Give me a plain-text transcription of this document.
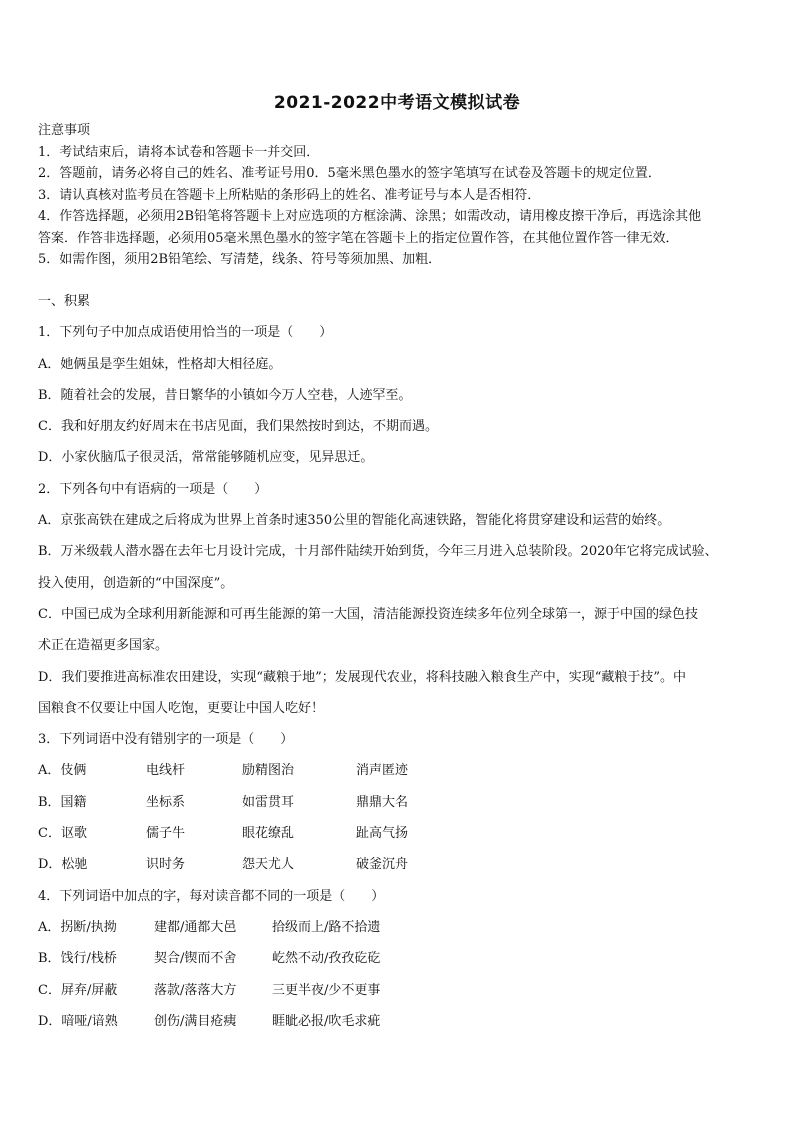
2021-2022中考语文模拟试卷
注意事项
1．考试结束后，请将本试卷和答题卡一并交回．
2．答题前，请务必将自己的姓名、准考证号用0．5毫米黑色墨水的签字笔填写在试卷及答题卡的规定位置．
3．请认真核对监考员在答题卡上所粘贴的条形码上的姓名、准考证号与本人是否相符．
4．作答选择题，必须用2B铅笔将答题卡上对应选项的方框涂满、涂黑；如需改动，请用橡皮擦干净后，再选涂其他
答案．作答非选择题，必须用05毫米黑色墨水的签字笔在答题卡上的指定位置作答，在其他位置作答一律无效．
5．如需作图，须用2B铅笔绘、写清楚，线条、符号等须加黑、加粗．
一、积累
1．下列句子中加点成语使用恰当的一项是（　　）
A．她俩虽是孪生姐妹，性格却大相径庭。
B．随着社会的发展，昔日繁华的小镇如今万人空巷，人迹罕至。
C．我和好朋友约好周末在书店见面，我们果然按时到达，不期而遇。
D．小家伙脑瓜子很灵活，常常能够随机应变，见异思迁。
2．下列各句中有语病的一项是（　　）
A．京张高铁在建成之后将成为世界上首条时速350公里的智能化高速铁路，智能化将贯穿建设和运营的始终。
B．万米级载人潜水器在去年七月设计完成，十月部件陆续开始到货，今年三月进入总装阶段。2020年它将完成试验、
投入使用，创造新的“中国深度”。
C．中国已成为全球利用新能源和可再生能源的第一大国，清洁能源投资连续多年位列全球第一，源于中国的绿色技
术正在造福更多国家。
D．我们要推进高标准农田建设，实现“藏粮于地”；发展现代农业，将科技融入粮食生产中，实现“藏粮于技”。中
国粮食不仅要让中国人吃饱，更要让中国人吃好！
3．下列词语中没有错别字的一项是（　　）
A．伎俩	电线杆	励精图治	消声匿迹
B．国籍	坐标系	如雷贯耳	鼎鼎大名
C．讴歌	儒子牛	眼花缭乱	趾高气扬
D．松驰	识时务	怨天尤人	破釜沉舟
4．下列词语中加点的字，每对读音都不同的一项是（　　）
A．拐断/执拗	建都/通都大邑	拾级而上/路不拾遗
B．饯行/栈桥	契合/锲而不舍	屹然不动/孜孜矻矻
C．屏弃/屏蔽	落款/落落大方	三更半夜/少不更事
D．喑哑/谙熟	创伤/满目疮痍	睚眦必报/吹毛求疵
